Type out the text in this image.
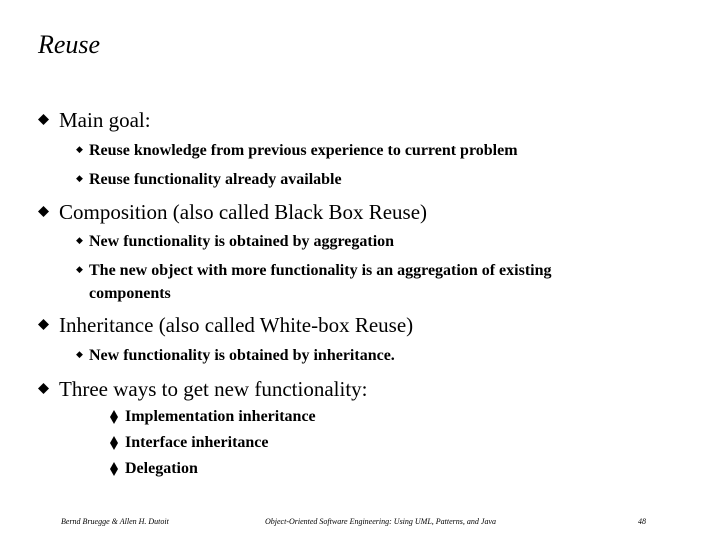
Reuse
Main goal:
◆ Reuse knowledge from previous experience to current problem
◆ Reuse functionality already available
Composition (also called Black Box Reuse)
◆ New functionality is obtained by aggregation
◆ The new object with more functionality is an aggregation of existing
components
Inheritance (also called White-box Reuse)
◆ New functionality is obtained by inheritance.
Three ways to get new functionality:
Implementation inheritance
Interface inheritance
Delegation
Bernd Bruegge & Allen H. Dutoit	Object-Oriented Software Engineering: Using UML, Patterns, and Java	48
